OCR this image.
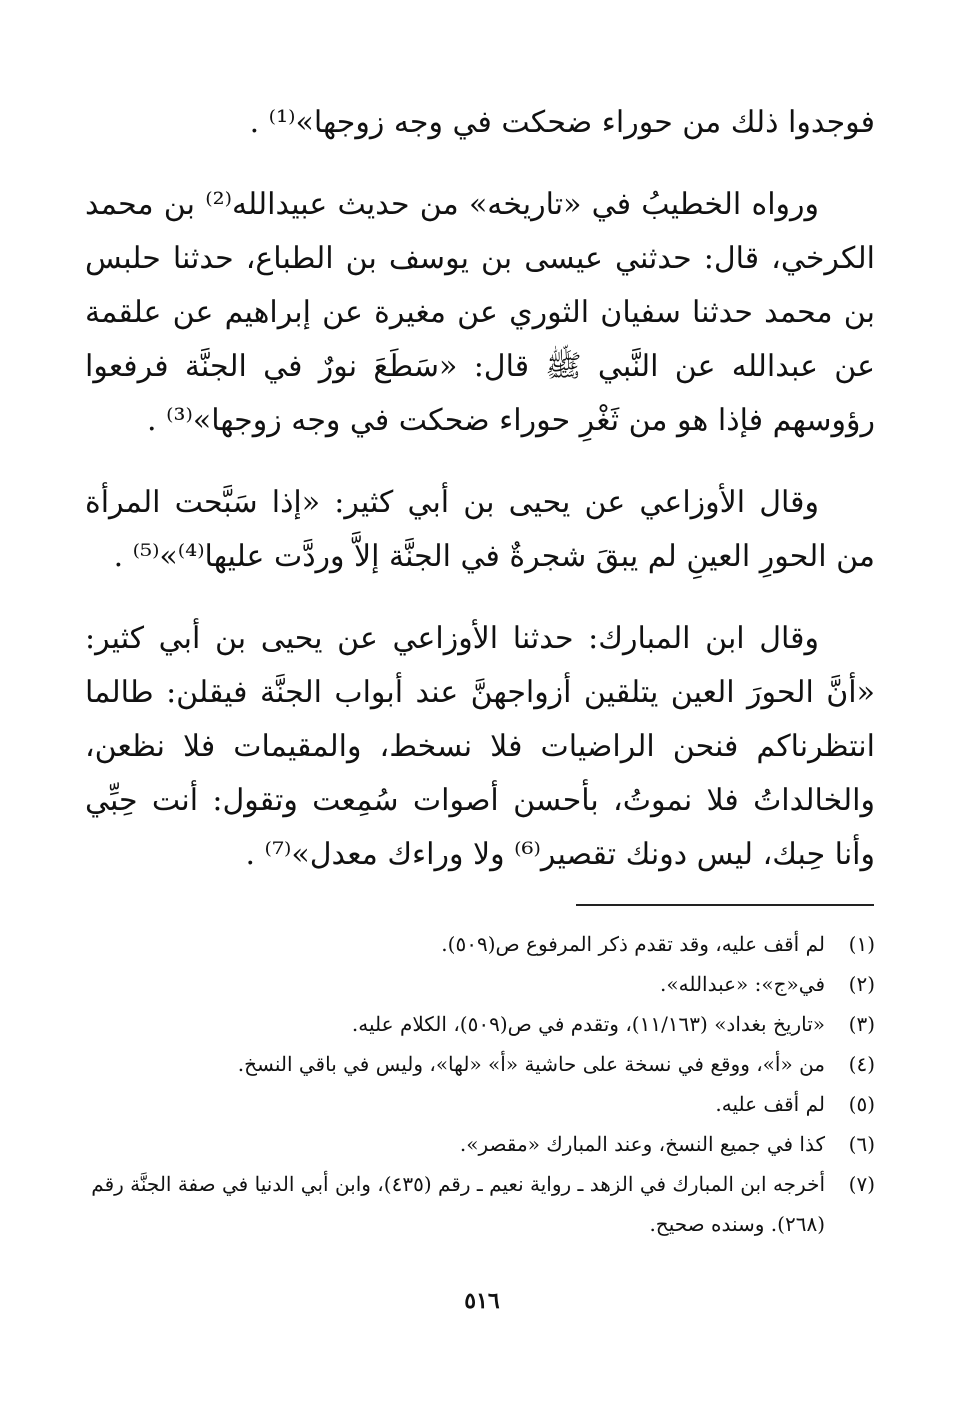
فوجدوا ذلك من حوراء ضحكت في وجه زوجها»⁽¹⁾ .

ورواه الخطيبُ في «تاريخه» من حديث عبيدالله⁽²⁾ بن محمد الكرخي، قال: حدثني عيسى بن يوسف بن الطباع، حدثنا حلبس بن محمد حدثنا سفيان الثوري عن مغيرة عن إبراهيم عن علقمة عن عبدالله عن النَّبي ﷺ قال: «سَطَعَ نورٌ في الجنَّة فرفعوا رؤوسهم فإذا هو من ثَغْرِ حوراء ضحكت في وجه زوجها»⁽³⁾ .

وقال الأوزاعي عن يحيى بن أبي كثير: «إذا سَبَّحت المرأة من الحورِ العينِ لم يبقَ شجرةٌ في الجنَّة إلاَّ وردَّت عليها⁽⁴⁾»⁽⁵⁾ .

وقال ابن المبارك: حدثنا الأوزاعي عن يحيى بن أبي كثير: «أنَّ الحورَ العين يتلقين أزواجهنَّ عند أبواب الجنَّة فيقلن: طالما انتظرناكم فنحن الراضيات فلا نسخط، والمقيمات فلا نظعن، والخالداتُ فلا نموتُ، بأحسن أصوات سُمِعت وتقول: أنت حِبِّي وأنا حِبك، ليس دونك تقصير⁽⁶⁾ ولا وراءك معدل»⁽⁷⁾ .

(١)
لم أقف عليه، وقد تقدم ذكر المرفوع ص(٥٠٩).
(٢)
في«ج»: «عبدالله».
(٣)
«تاريخ بغداد» (١١/١٦٣)، وتقدم في ص(٥٠٩)، الكلام عليه.
(٤)
من «أ»، ووقع في نسخة على حاشية «أ» «لها»، وليس في باقي النسخ.
(٥)
لم أقف عليه.
(٦)
كذا في جميع النسخ، وعند المبارك «مقصر».
(٧)
أخرجه ابن المبارك في الزهد ـ رواية نعيم ـ رقم (٤٣٥)، وابن أبي الدنيا في صفة الجنَّة رقم (٢٦٨). وسنده صحيح.
٥١٦
